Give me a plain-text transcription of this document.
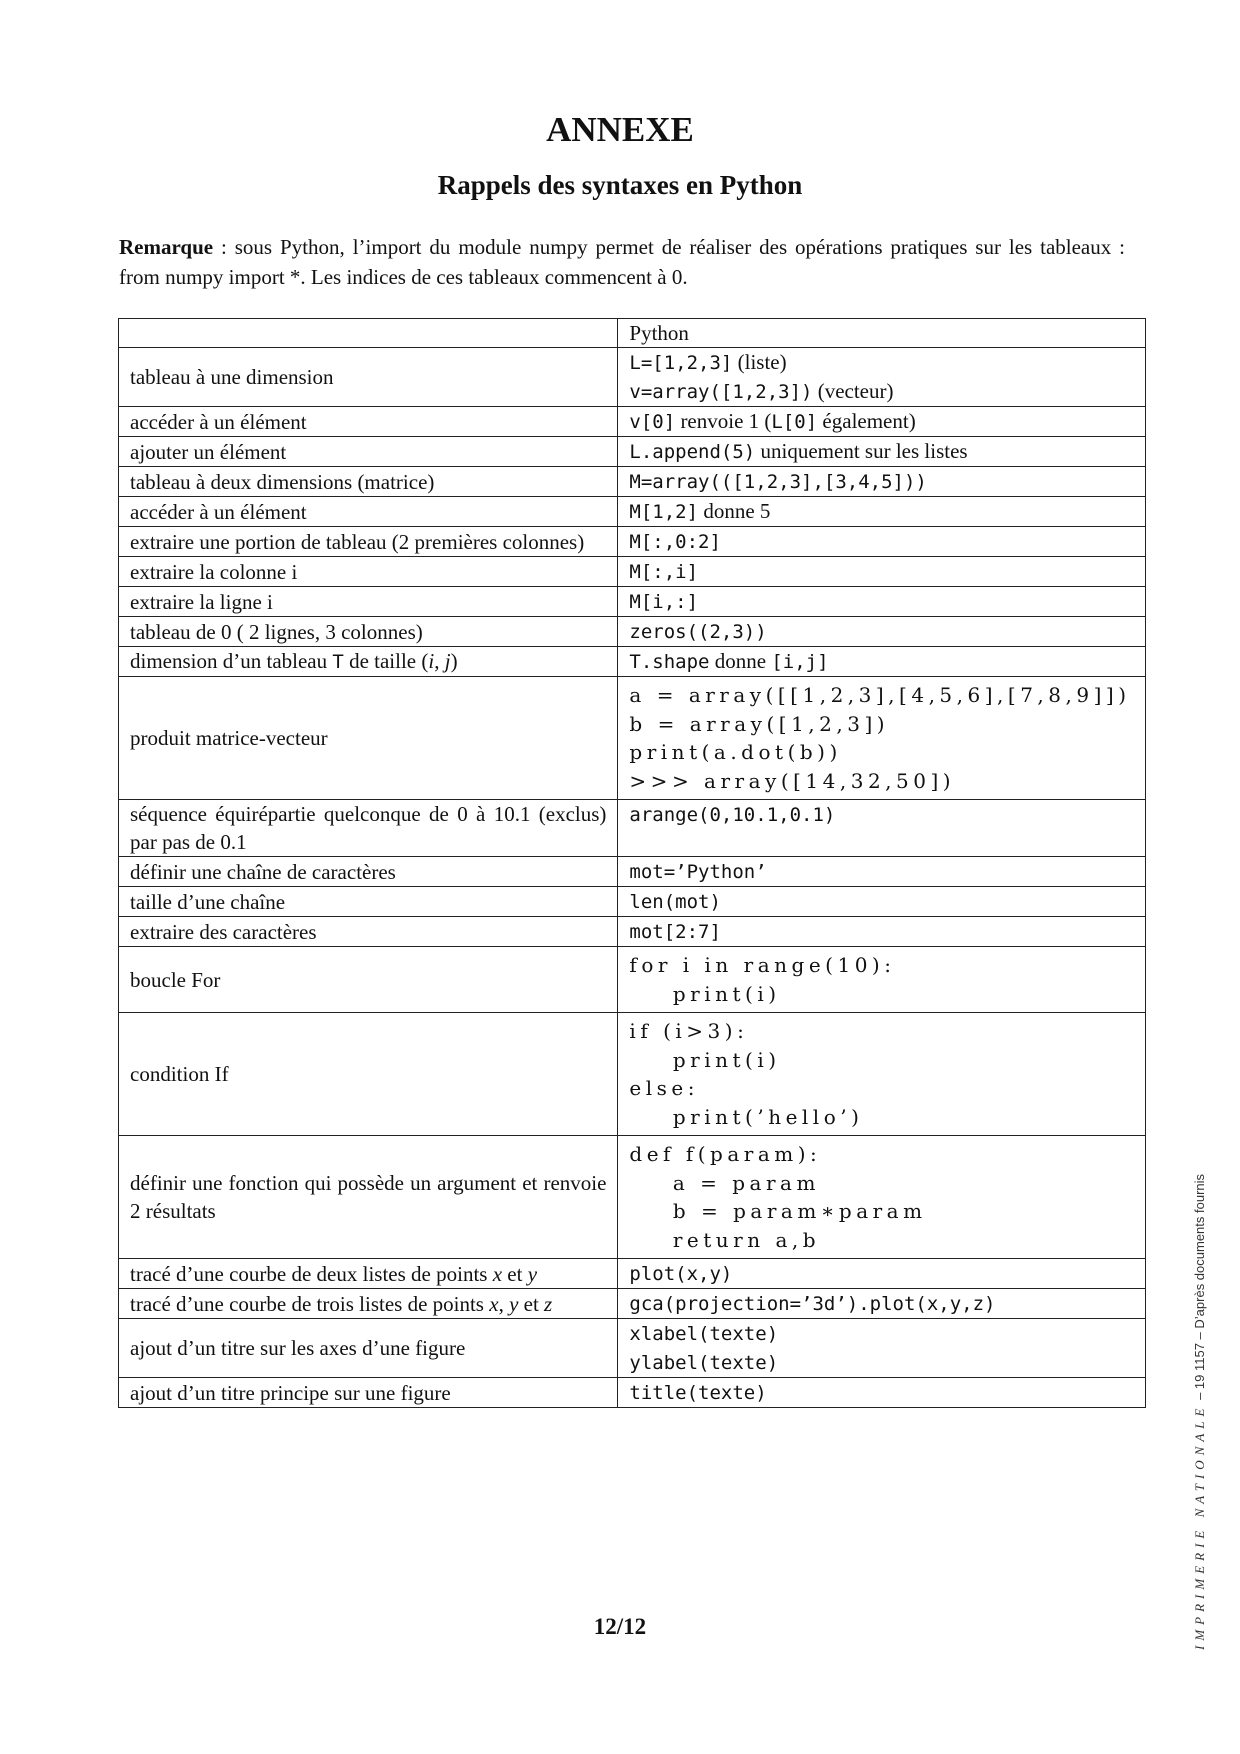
ANNEXE
Rappels des syntaxes en Python

Remarque : sous Python, l’import du module numpy permet de réaliser des opérations pratiques sur les tableaux : from numpy import *. Les indices de ces tableaux commencent à 0.

	Python
tableau à une dimension	L=[1,2,3] (liste)
v=array([1,2,3]) (vecteur)
accéder à un élément	v[0] renvoie 1 (L[0] également)
ajouter un élément	L.append(5) uniquement sur les listes
tableau à deux dimensions (matrice)	M=array(([1,2,3],[3,4,5]))
accéder à un élément	M[1,2] donne 5
extraire une portion de tableau (2 premières colonnes)	M[:,0:2]
extraire la colonne i	M[:,i]
extraire la ligne i	M[i,:]
tableau de 0 ( 2 lignes, 3 colonnes)	zeros((2,3))
dimension d’un tableau T de taille (i, j)	T.shape donne [i,j]
produit matrice-vecteur	a = array([[1,2,3],[4,5,6],[7,8,9]])
b = array([1,2,3])
print(a.dot(b))
>>> array([14,32,50])

séquence équirépartie quelconque de 0 à 10.1 (exclus) par pas de 0.1	arange(0,10.1,0.1)
définir une chaîne de caractères	mot=’Python’
taille d’une chaîne	len(mot)
extraire des caractères	mot[2:7]
boucle For	for i in range(10):
print(i)

condition If	if (i>3):
print(i)
else:
print(’hello’)

définir une fonction qui possède un argument et renvoie 2 résultats	def f(param):
a = param
b = param∗param
return a,b

tracé d’une courbe de deux listes de points x et y	plot(x,y)
tracé d’une courbe de trois listes de points x, y et z	gca(projection=’3d’).plot(x,y,z)
ajout d’un titre sur les axes d’une figure	xlabel(texte)
ylabel(texte)
ajout d’un titre principe sur une figure	title(texte)

12/12	IMPRIMERIE NATIONALE – 19 1157 – D’après documents fournis
